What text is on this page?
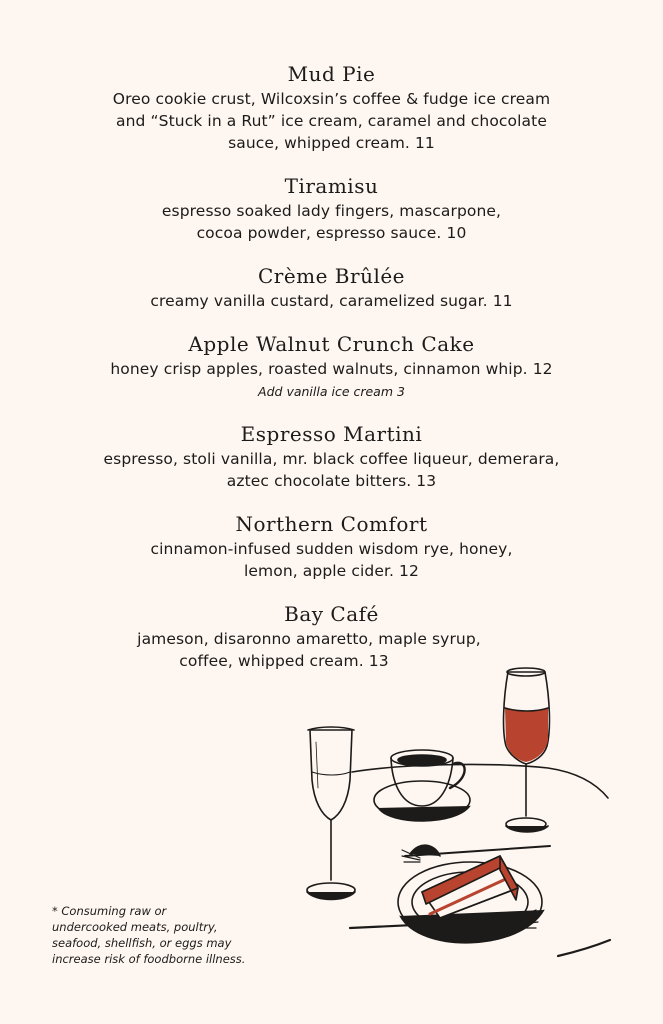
Mud Pie
Oreo cookie crust, Wilcoxsin’s coffee & fudge ice cream
and “Stuck in a Rut” ice cream, caramel and chocolate
sauce, whipped cream. 11
Tiramisu
espresso soaked lady fingers, mascarpone,
cocoa powder, espresso sauce. 10
Crème Brûlée
creamy vanilla custard, caramelized sugar. 11
Apple Walnut Crunch Cake
honey crisp apples, roasted walnuts, cinnamon whip. 12
Add vanilla ice cream 3
Espresso Martini
espresso, stoli vanilla, mr. black coffee liqueur, demerara,
aztec chocolate bitters. 13
Northern Comfort
cinnamon-infused sudden wisdom rye, honey,
lemon, apple cider. 12
Bay Café
jameson, disaronno amaretto, maple syrup,
coffee, whipped cream. 13
* Consuming raw or
undercooked meats, poultry,
seafood, shellfish, or eggs may
increase risk of foodborne illness.
